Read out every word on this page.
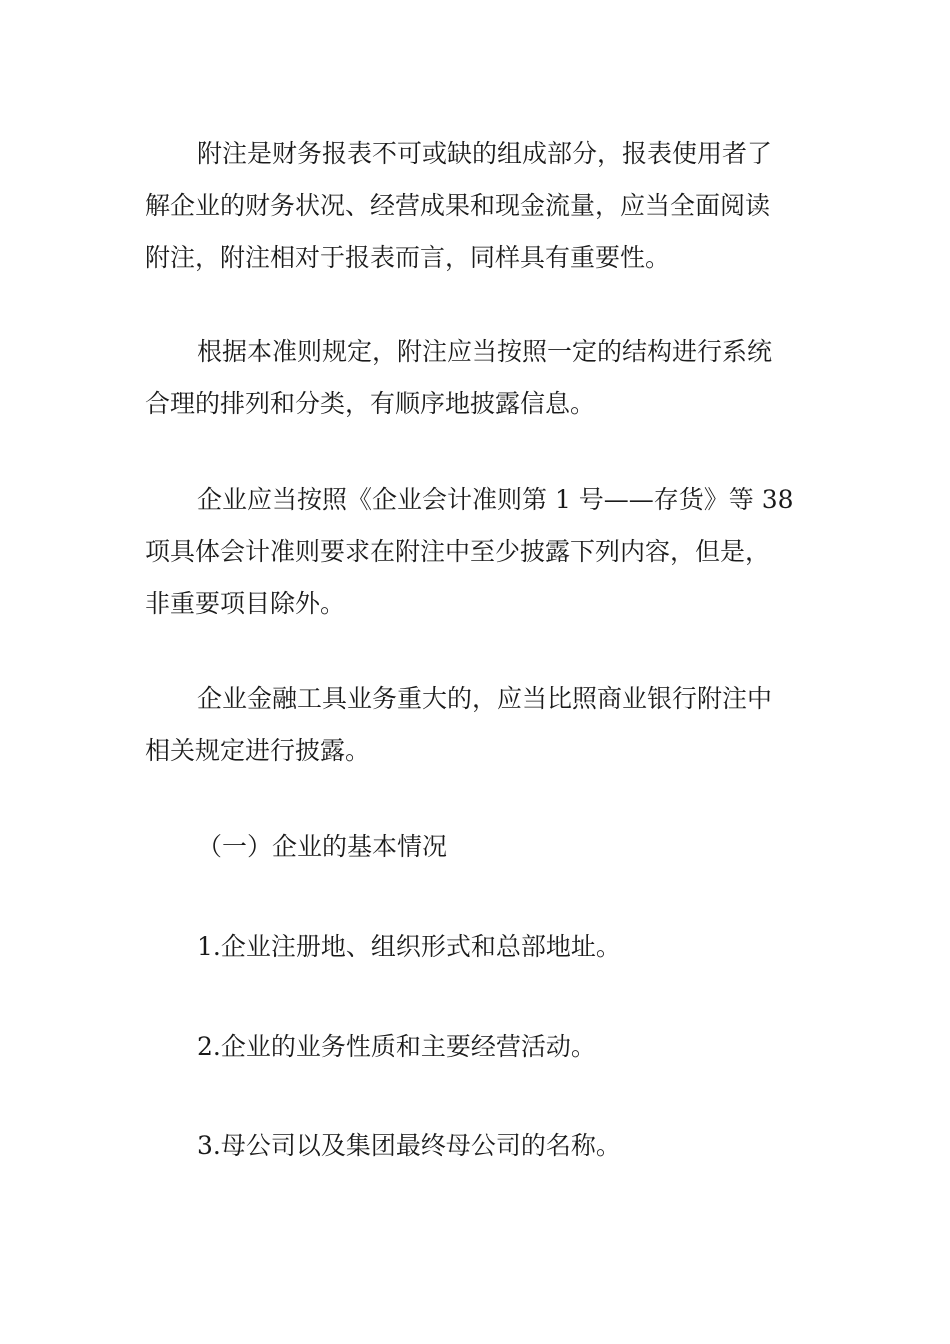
附注是财务报表不可或缺的组成部分，报表使用者了
解企业的财务状况、经营成果和现金流量，应当全面阅读
附注，附注相对于报表而言，同样具有重要性。
根据本准则规定，附注应当按照一定的结构进行系统
合理的排列和分类，有顺序地披露信息。
企业应当按照《企业会计准则第 1 号——存货》等 38
项具体会计准则要求在附注中至少披露下列内容，但是，
非重要项目除外。
企业金融工具业务重大的，应当比照商业银行附注中
相关规定进行披露。
（一）企业的基本情况
1.企业注册地、组织形式和总部地址。
2.企业的业务性质和主要经营活动。
3.母公司以及集团最终母公司的名称。
